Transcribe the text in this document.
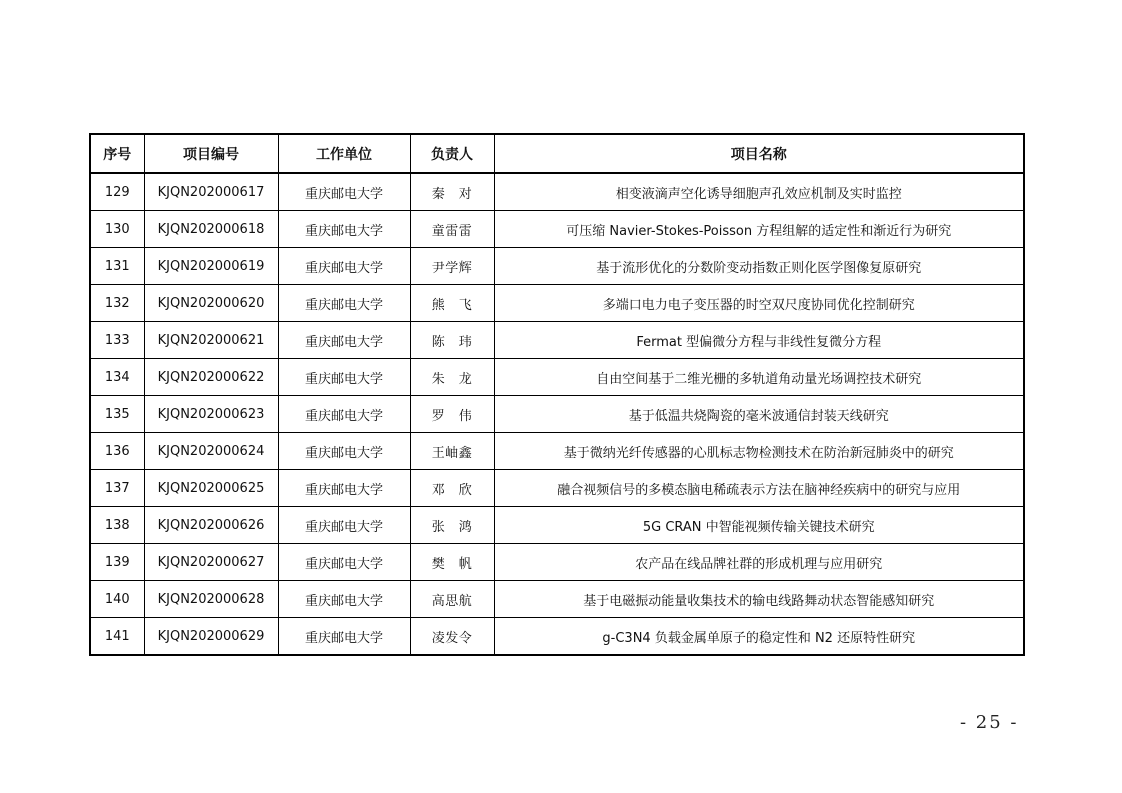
序号	项目编号	工作单位	负责人	项目名称
129	KJQN202000617	重庆邮电大学	秦　对	相变液滴声空化诱导细胞声孔效应机制及实时监控
130	KJQN202000618	重庆邮电大学	童雷雷	可压缩 Navier-Stokes-Poisson 方程组解的适定性和渐近行为研究
131	KJQN202000619	重庆邮电大学	尹学辉	基于流形优化的分数阶变动指数正则化医学图像复原研究
132	KJQN202000620	重庆邮电大学	熊　飞	多端口电力电子变压器的时空双尺度协同优化控制研究
133	KJQN202000621	重庆邮电大学	陈　玮	Fermat 型偏微分方程与非线性复微分方程
134	KJQN202000622	重庆邮电大学	朱　龙	自由空间基于二维光栅的多轨道角动量光场调控技术研究
135	KJQN202000623	重庆邮电大学	罗　伟	基于低温共烧陶瓷的毫米波通信封装天线研究
136	KJQN202000624	重庆邮电大学	王岫鑫	基于微纳光纤传感器的心肌标志物检测技术在防治新冠肺炎中的研究
137	KJQN202000625	重庆邮电大学	邓　欣	融合视频信号的多模态脑电稀疏表示方法在脑神经疾病中的研究与应用
138	KJQN202000626	重庆邮电大学	张　鸿	5G CRAN 中智能视频传输关键技术研究
139	KJQN202000627	重庆邮电大学	樊　帆	农产品在线品牌社群的形成机理与应用研究
140	KJQN202000628	重庆邮电大学	高思航	基于电磁振动能量收集技术的输电线路舞动状态智能感知研究
141	KJQN202000629	重庆邮电大学	凌发令	g-C3N4 负载金属单原子的稳定性和 N2 还原特性研究
- 25 -
